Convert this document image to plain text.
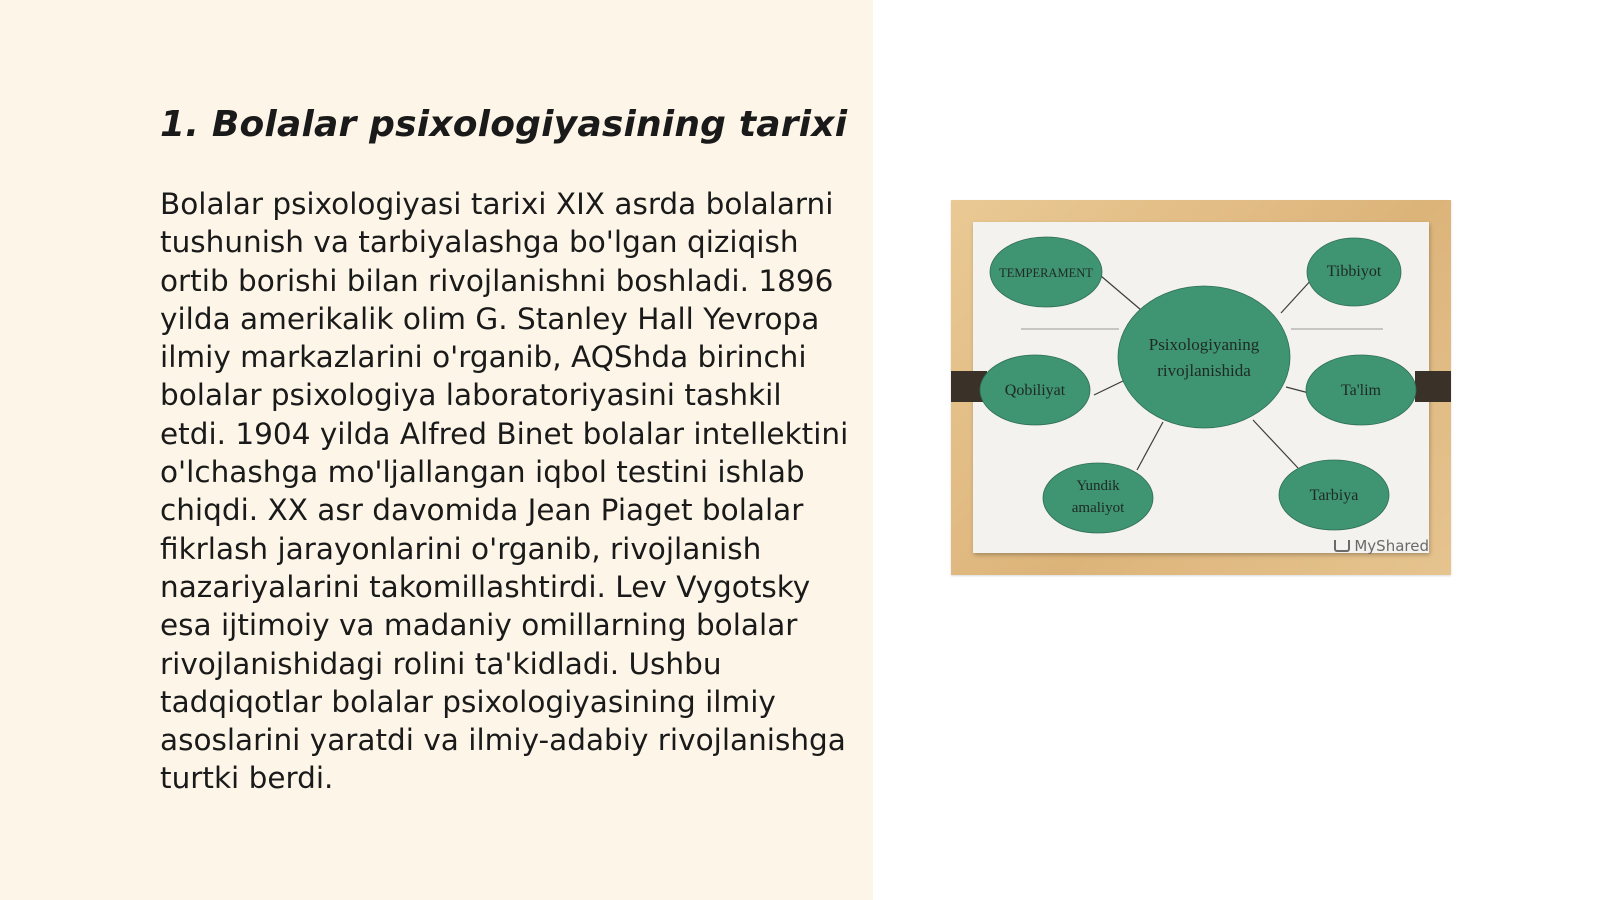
1. Bolalar psixologiyasining tarixi

Bolalar psixologiyasi tarixi XIX asrda bolalarni tushunish va tarbiyalashga bo'lgan qiziqish ortib borishi bilan rivojlanishni boshladi. 1896 yilda amerikalik olim G. Stanley Hall Yevropa ilmiy markazlarini o'rganib, AQShda birinchi bolalar psixologiya laboratoriyasini tashkil etdi. 1904 yilda Alfred Binet bolalar intellektini o'lchashga mo'ljallangan iqbol testini ishlab chiqdi. XX asr davomida Jean Piaget bolalar fikrlash jarayonlarini o'rganib, rivojlanish nazariyalarini takomillashtirdi. Lev Vygotsky esa ijtimoiy va madaniy omillarning bolalar rivojlanishidagi rolini ta'kidladi. Ushbu tadqiqotlar bolalar psixologiyasining ilmiy asoslarini yaratdi va ilmiy-adabiy rivojlanishga turtki berdi.

TEMPERAMENT	Tibbiyot
Qobiliyat	Ta'lim
Yundik
amaliyot
Tarbiya
Psixologiyaning
rivojlanishida
MyShared
